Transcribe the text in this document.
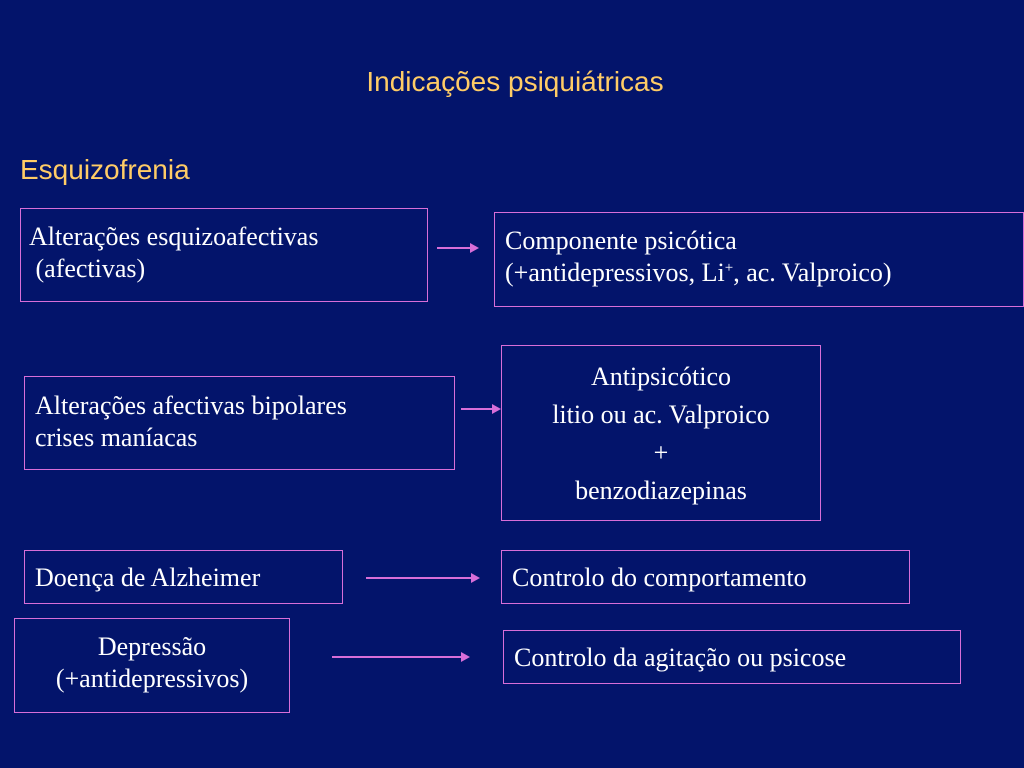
Indicações psiquiátricas
Esquizofrenia
Alterações esquizoafectivas
(afectivas)
Componente psicótica
(+antidepressivos, Li+, ac. Valproico)
Alterações afectivas bipolares
crises maníacas
Antipsicótico
litio ou ac. Valproico
+
benzodiazepinas
Doença de Alzheimer	Controlo do comportamento
Depressão
(+antidepressivos)
Controlo da agitação ou psicose
